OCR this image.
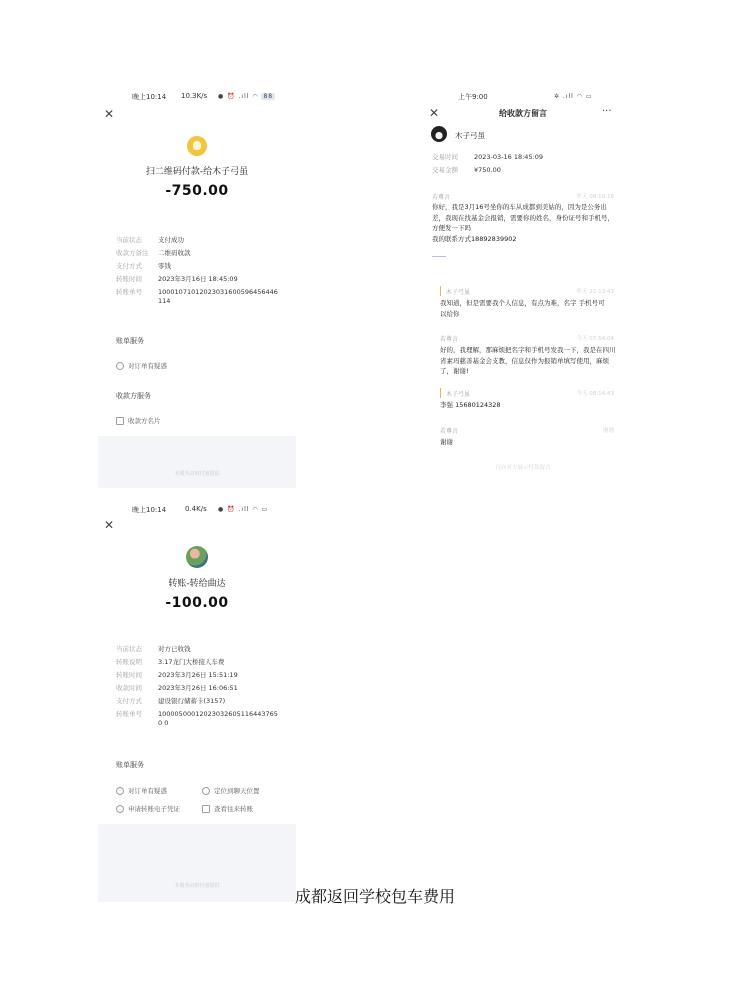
晚上10:14 10.3K/s ● ⏰ .ıll ◠ 88
✕
扫二维码付款-给木子弓虽
-750.00
当前状态	支付成功
收款方备注	二维码收款
支付方式	零钱
转账时间	2023年3月16日 18:45:09
转账单号	10001071012023031600596456446114
账单服务
对订单有疑惑
收款方服务
收款方名片
本服务由财付通提供
上午9:00	✲ .ıll ◠ ▭
✕	给收款方留言	···
木子弓虽
交易时间	2023-03-16 18:45:09
交易金额	¥750.00
若尊言	昨天 09:10:16
你好，我是3月16号坐你的车从成都到美姑的，因为是公务出差，我现在找基金会报销，需要你的姓名，身份证号和手机号，方便发一下吗
我的联系方式18892839902
木子弓虽	昨天 22:13:43
我知道，但是需要我个人信息，有点为难，名字 手机号可以给你
若尊言	今天 07:54:04
好的，我理解，那麻烦把名字和手机号发我一下，我是在四川省素玛慈善基金会支教，信息仅作为报销单填写使用，麻烦了，谢谢!
木子弓虽	今天 08:14:43
李强 15680124328
若尊言	刚刚
谢谢
仅向对方展示付款留言
晚上10:14	0.4K/s ● ⏰ .ıll ◠ ▭
✕
转账-转给曲达
-100.00
当前状态	对方已收钱
转账说明	3.17龙门大桥接人车费
转账时间	2023年3月26日 15:51:19
收款时间	2023年3月26日 16:06:51
支付方式	建设银行储蓄卡(3157)
转账单号	100005000120230326051164437650 0
账单服务
对订单有疑惑	定位到聊天位置
申请转账电子凭证	查看往来转账
本服务由财付通提供
成都返回学校包车费用
